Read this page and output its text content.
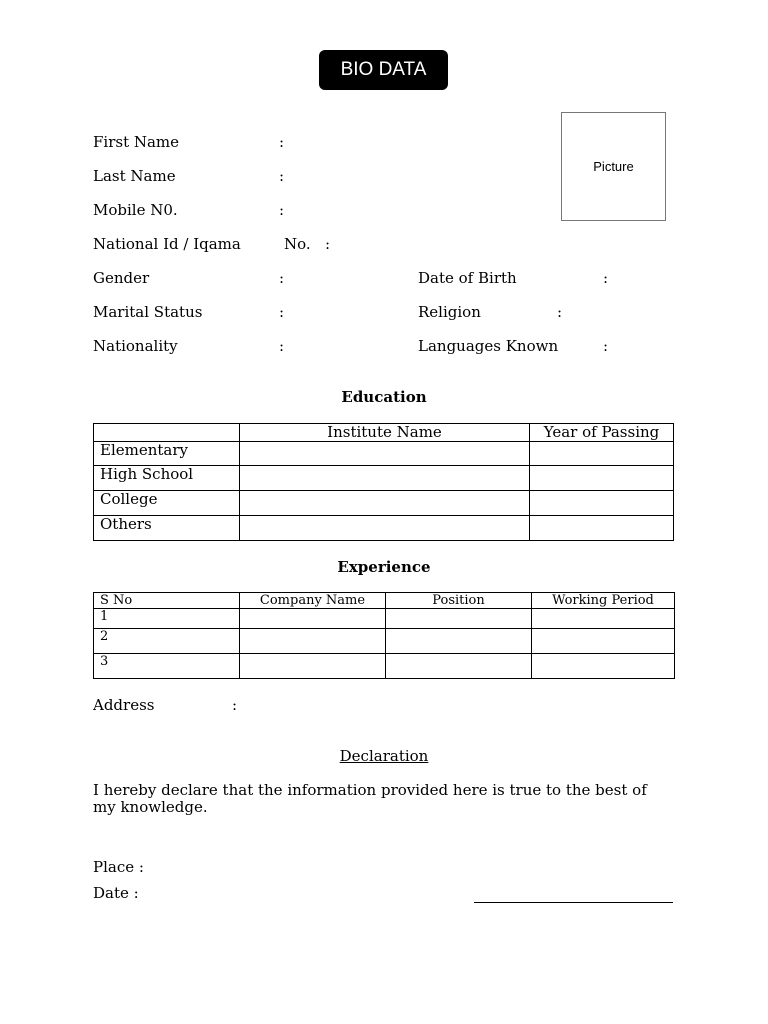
BIO DATA
Picture
First Name	:
Last Name	:
Mobile N0.	:
National Id / Iqama	No. :
Gender	:	Date of Birth	:
Marital Status	:	Religion	:
Nationality	:	Languages Known	:
Education
	Institute Name	Year of Passing
Elementary		
High School		
College		
Others		
Experience
S No	Company Name	Position	Working Period
1			
2			
3			
Address	:
Declaration
I hereby declare that the information provided here is true to the best of
my knowledge.
Place :
Date :
